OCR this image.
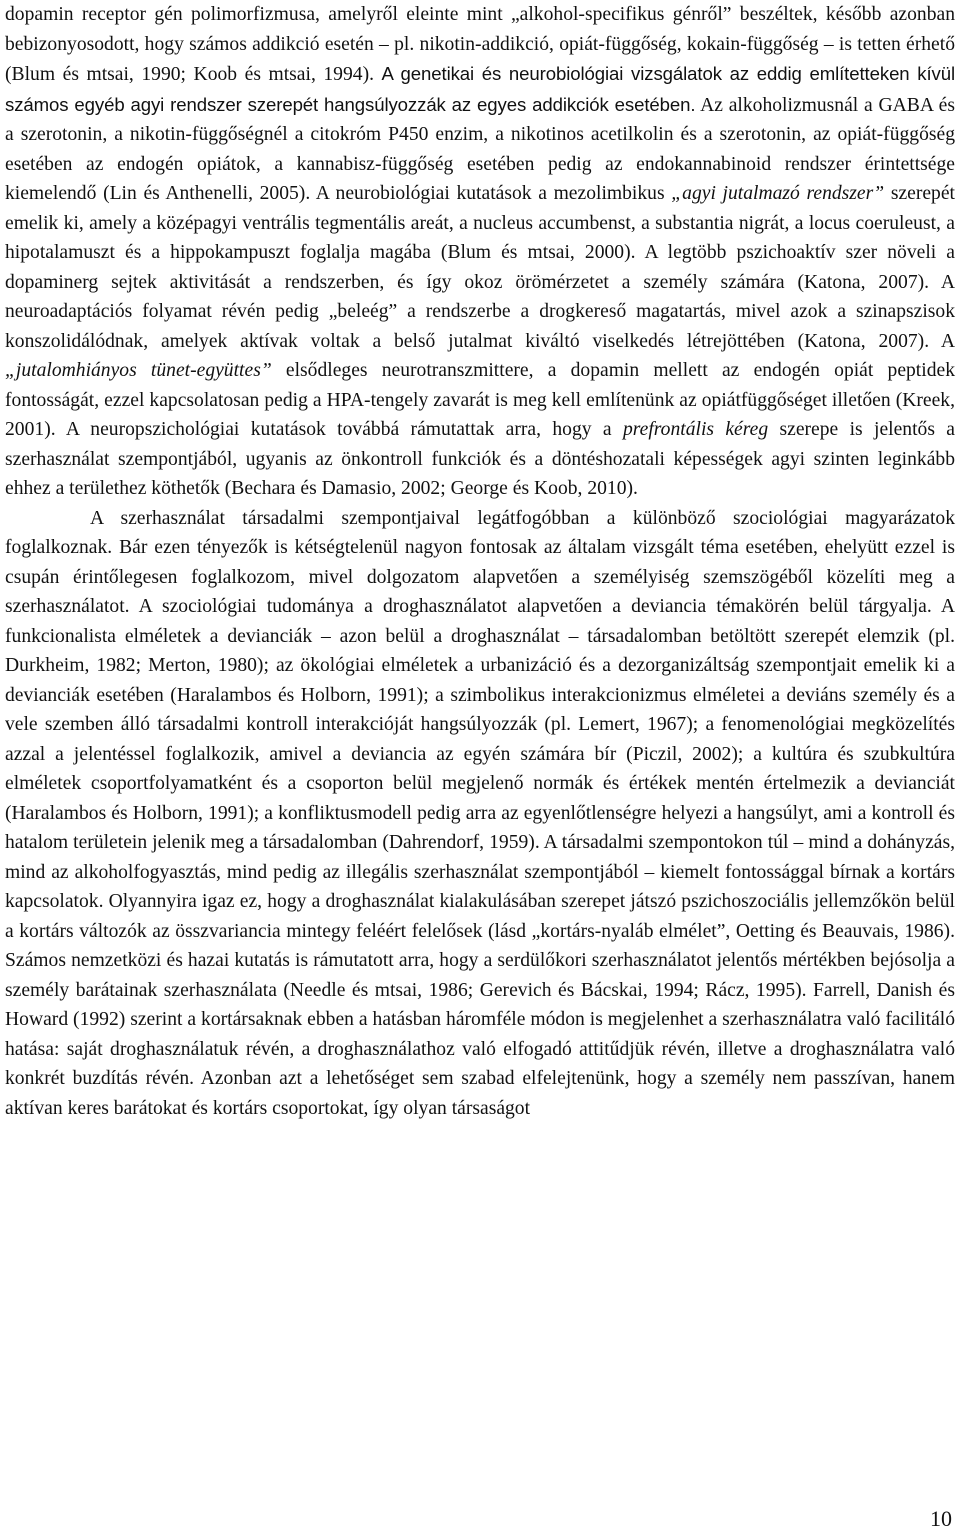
dopamin receptor gén polimorfizmusa, amelyről eleinte mint „alkohol-specifikus génről” beszéltek, később azonban bebizonyosodott, hogy számos addikció esetén – pl. nikotin-addikció, opiát-függőség, kokain-függőség – is tetten érhető (Blum és mtsai, 1990; Koob és mtsai, 1994). A genetikai és neurobiológiai vizsgálatok az eddig említetteken kívül számos egyéb agyi rendszer szerepét hangsúlyozzák az egyes addikciók esetében. Az alkoholizmusnál a GABA és a szerotonin, a nikotin-függőségnél a citokróm P450 enzim, a nikotinos acetilkolin és a szerotonin, az opiát-függőség esetében az endogén opiátok, a kannabisz-függőség esetében pedig az endokannabinoid rendszer érintettsége kiemelendő (Lin és Anthenelli, 2005). A neurobiológiai kutatások a mezolimbikus „agyi jutalmazó rendszer” szerepét emelik ki, amely a középagyi ventrális tegmentális areát, a nucleus accumbenst, a substantia nigrát, a locus coeruleust, a hipotalamuszt és a hippokampuszt foglalja magába (Blum és mtsai, 2000). A legtöbb pszichoaktív szer növeli a dopaminerg sejtek aktivitását a rendszerben, és így okoz örömérzetet a személy számára (Katona, 2007). A neuroadaptációs folyamat révén pedig „beleég” a rendszerbe a drogkereső magatartás, mivel azok a szinapszisok konszolidálódnak, amelyek aktívak voltak a belső jutalmat kiváltó viselkedés létrejöttében (Katona, 2007). A „jutalomhiányos tünet-együttes” elsődleges neurotranszmittere, a dopamin mellett az endogén opiát peptidek fontosságát, ezzel kapcsolatosan pedig a HPA-tengely zavarát is meg kell említenünk az opiátfüggőséget illetően (Kreek, 2001). A neuropszichológiai kutatások továbbá rámutattak arra, hogy a prefrontális kéreg szerepe is jelentős a szerhasználat szempontjából, ugyanis az önkontroll funkciók és a döntéshozatali képességek agyi szinten leginkább ehhez a területhez köthetők (Bechara és Damasio, 2002; George és Koob, 2010).

A szerhasználat társadalmi szempontjaival legátfogóbban a különböző szociológiai magyarázatok foglalkoznak. Bár ezen tényezők is kétségtelenül nagyon fontosak az általam vizsgált téma esetében, ehelyütt ezzel is csupán érintőlegesen foglalkozom, mivel dolgozatom alapvetően a személyiség szemszögéből közelíti meg a szerhasználatot. A szociológiai tudománya a droghasználatot alapvetően a deviancia témakörén belül tárgyalja. A funkcionalista elméletek a devianciák – azon belül a droghasználat – társadalomban betöltött szerepét elemzik (pl. Durkheim, 1982; Merton, 1980); az ökológiai elméletek a urbanizáció és a dezorganizáltság szempontjait emelik ki a devianciák esetében (Haralambos és Holborn, 1991); a szimbolikus interakcionizmus elméletei a deviáns személy és a vele szemben álló társadalmi kontroll interakcióját hangsúlyozzák (pl. Lemert, 1967); a fenomenológiai megközelítés azzal a jelentéssel foglalkozik, amivel a deviancia az egyén számára bír (Piczil, 2002); a kultúra és szubkultúra elméletek csoportfolyamatként és a csoporton belül megjelenő normák és értékek mentén értelmezik a devianciát (Haralambos és Holborn, 1991); a konfliktusmodell pedig arra az egyenlőtlenségre helyezi a hangsúlyt, ami a kontroll és hatalom területein jelenik meg a társadalomban (Dahrendorf, 1959). A társadalmi szempontokon túl – mind a dohányzás, mind az alkoholfogyasztás, mind pedig az illegális szerhasználat szempontjából – kiemelt fontossággal bírnak a kortárs kapcsolatok. Olyannyira igaz ez, hogy a droghasználat kialakulásában szerepet játszó pszichoszociális jellemzőkön belül a kortárs változók az összvariancia mintegy feléért felelősek (lásd „kortárs-nyaláb elmélet”, Oetting és Beauvais, 1986). Számos nemzetközi és hazai kutatás is rámutatott arra, hogy a serdülőkori szerhasználatot jelentős mértékben bejósolja a személy barátainak szerhasználata (Needle és mtsai, 1986; Gerevich és Bácskai, 1994; Rácz, 1995). Farrell, Danish és Howard (1992) szerint a kortársaknak ebben a hatásban háromféle módon is megjelenhet a szerhasználatra való facilitáló hatása: saját droghasználatuk révén, a droghasználathoz való elfogadó attitűdjük révén, illetve a droghasználatra való konkrét buzdítás révén. Azonban azt a lehetőséget sem szabad elfelejtenünk, hogy a személy nem passzívan, hanem aktívan keres barátokat és kortárs csoportokat, így olyan társaságot

10
